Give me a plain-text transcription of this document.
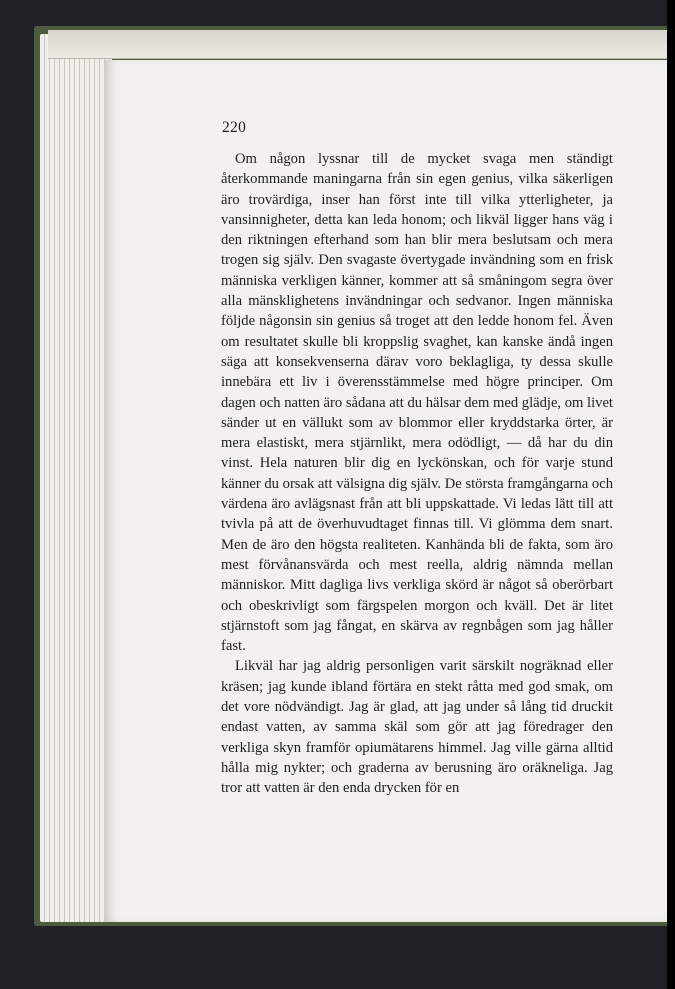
220

Om någon lyssnar till de mycket svaga men ständigt återkommande maningarna från sin egen genius, vilka säkerligen äro trovärdiga, inser han först inte till vilka ytterligheter, ja vansinnigheter, detta kan leda honom; och likväl ligger hans väg i den riktningen efterhand som han blir mera beslutsam och mera trogen sig själv. Den svagaste övertygade invändning som en frisk människa verkligen känner, kommer att så småningom segra över alla mänsklighetens invändningar och sedvanor. Ingen människa följde någonsin sin genius så troget att den ledde honom fel. Även om resultatet skulle bli kroppslig svaghet, kan kanske ändå ingen säga att konsekvenserna därav voro beklagliga, ty dessa skulle innebära ett liv i överensstämmelse med högre principer. Om dagen och natten äro sådana att du hälsar dem med glädje, om livet sänder ut en vällukt som av blommor eller kryddstarka örter, är mera elastiskt, mera stjärnlikt, mera odödligt, — då har du din vinst. Hela naturen blir dig en lyckönskan, och för varje stund känner du orsak att välsigna dig själv. De största framgångarna och värdena äro avlägsnast från att bli uppskattade. Vi ledas lätt till att tvivla på att de överhuvudtaget finnas till. Vi glömma dem snart. Men de äro den högsta realiteten. Kanhända bli de fakta, som äro mest förvånansvärda och mest reella, aldrig nämnda mellan människor. Mitt dagliga livs verkliga skörd är något så oberörbart och obeskrivligt som färgspelen morgon och kväll. Det är litet stjärnstoft som jag fångat, en skärva av regnbågen som jag håller fast.

Likväl har jag aldrig personligen varit särskilt nogräknad eller kräsen; jag kunde ibland förtära en stekt råtta med god smak, om det vore nödvändigt. Jag är glad, att jag under så lång tid druckit endast vatten, av samma skäl som gör att jag föredrager den verkliga skyn framför opiumätarens himmel. Jag ville gärna alltid hålla mig nykter; och graderna av berusning äro oräkneliga. Jag tror att vatten är den enda drycken för en
